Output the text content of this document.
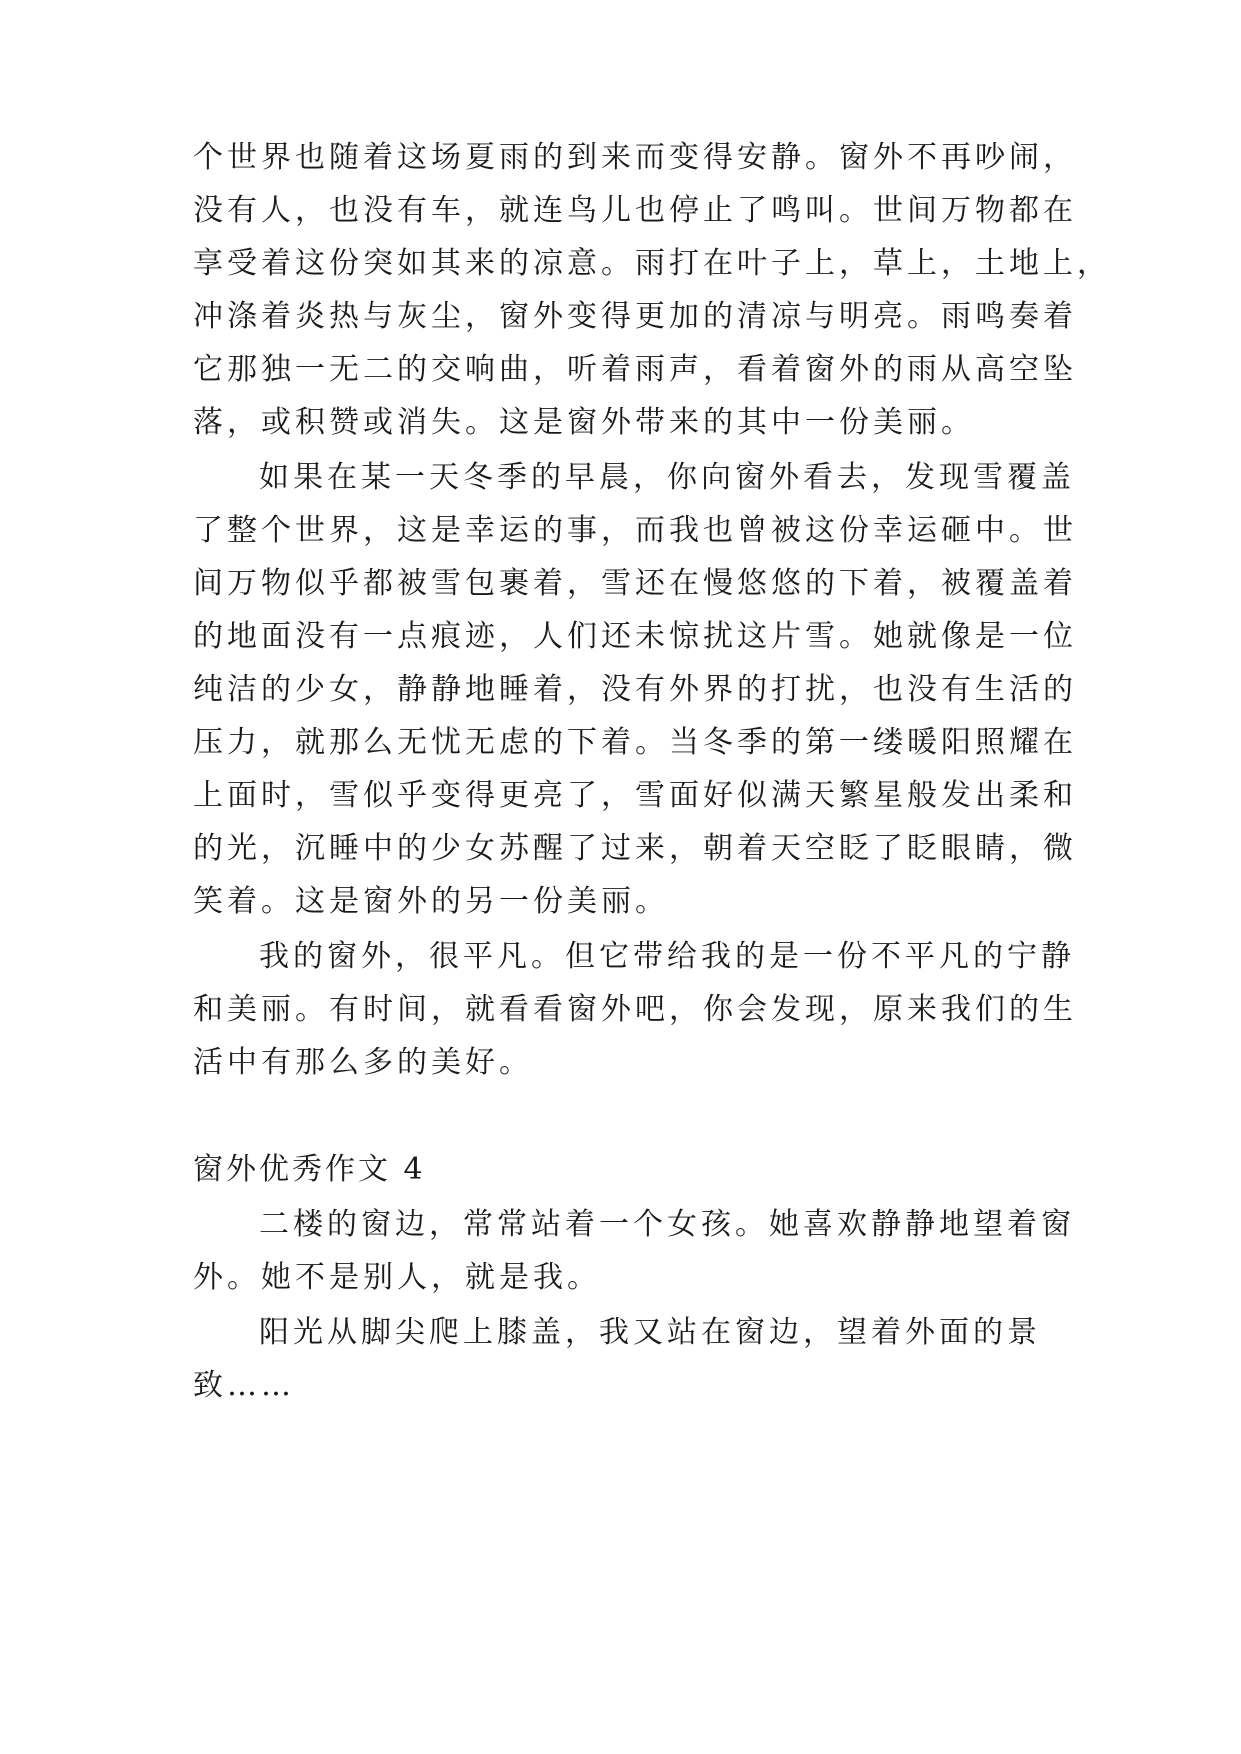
个世界也随着这场夏雨的到来而变得安静。窗外不再吵闹，
没有人，也没有车，就连鸟儿也停止了鸣叫。世间万物都在
享受着这份突如其来的凉意。雨打在叶子上，草上，土地上，
冲涤着炎热与灰尘，窗外变得更加的清凉与明亮。雨鸣奏着
它那独一无二的交响曲，听着雨声，看着窗外的雨从高空坠
落，或积赞或消失。这是窗外带来的其中一份美丽。
如果在某一天冬季的早晨，你向窗外看去，发现雪覆盖
了整个世界，这是幸运的事，而我也曾被这份幸运砸中。世
间万物似乎都被雪包裹着，雪还在慢悠悠的下着，被覆盖着
的地面没有一点痕迹，人们还未惊扰这片雪。她就像是一位
纯洁的少女，静静地睡着，没有外界的打扰，也没有生活的
压力，就那么无忧无虑的下着。当冬季的第一缕暖阳照耀在
上面时，雪似乎变得更亮了，雪面好似满天繁星般发出柔和
的光，沉睡中的少女苏醒了过来，朝着天空眨了眨眼睛，微
笑着。这是窗外的另一份美丽。
我的窗外，很平凡。但它带给我的是一份不平凡的宁静
和美丽。有时间，就看看窗外吧，你会发现，原来我们的生
活中有那么多的美好。
窗外优秀作文 4
二楼的窗边，常常站着一个女孩。她喜欢静静地望着窗
外。她不是别人，就是我。
阳光从脚尖爬上膝盖，我又站在窗边，望着外面的景
致……
